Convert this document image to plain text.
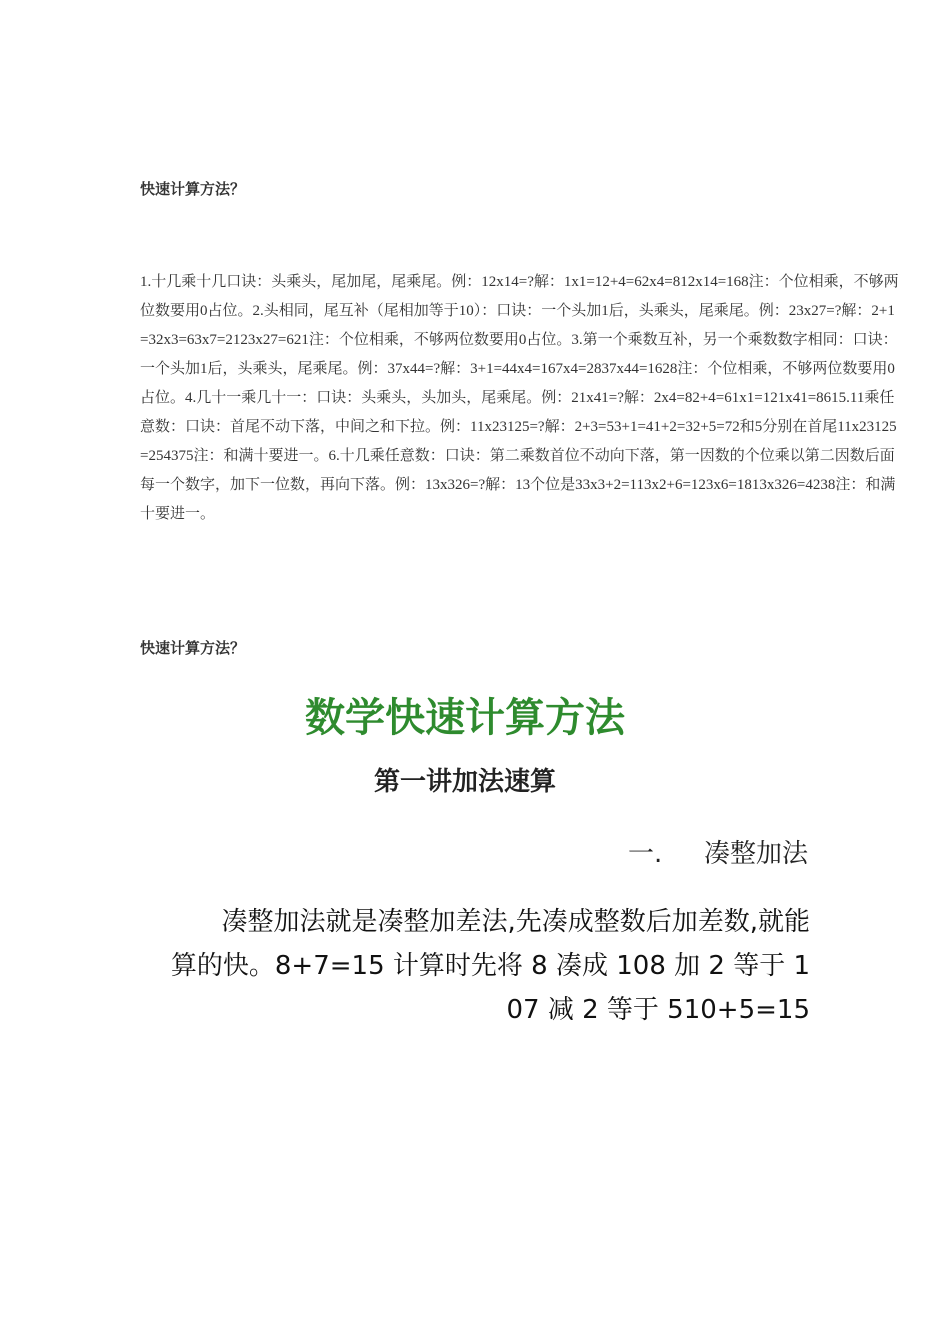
快速计算方法？

1.十几乘十几口诀：头乘头，尾加尾，尾乘尾。例：12x14=?解：1x1=12+4=62x4=812x14=168注：个位相乘，不够两位数要用0占位。2.头相同，尾互补（尾相加等于10）：口诀：一个头加1后，头乘头，尾乘尾。例：23x27=?解：2+1=32x3=63x7=2123x27=621注：个位相乘，不够两位数要用0占位。3.第一个乘数互补，另一个乘数数字相同：口诀：一个头加1后，头乘头，尾乘尾。例：37x44=?解：3+1=44x4=167x4=2837x44=1628注：个位相乘，不够两位数要用0占位。4.几十一乘几十一：口诀：头乘头，头加头，尾乘尾。例：21x41=?解：2x4=82+4=61x1=121x41=8615.11乘任意数：口诀：首尾不动下落，中间之和下拉。例：11x23125=?解：2+3=53+1=41+2=32+5=72和5分别在首尾11x23125=254375注：和满十要进一。6.十几乘任意数：口诀：第二乘数首位不动向下落，第一因数的个位乘以第二因数后面每一个数字，加下一位数，再向下落。例：13x326=?解：13个位是33x3+2=113x2+6=123x6=1813x326=4238注：和满十要进一。

快速计算方法？
数学快速计算方法
第一讲加法速算
一. 凑整加法
凑整加法就是凑整加差法,先凑成整数后加差数,就能
算的快。8+7=15 计算时先将 8 凑成 108 加 2 等于 1
07 减 2 等于 510+5=15
